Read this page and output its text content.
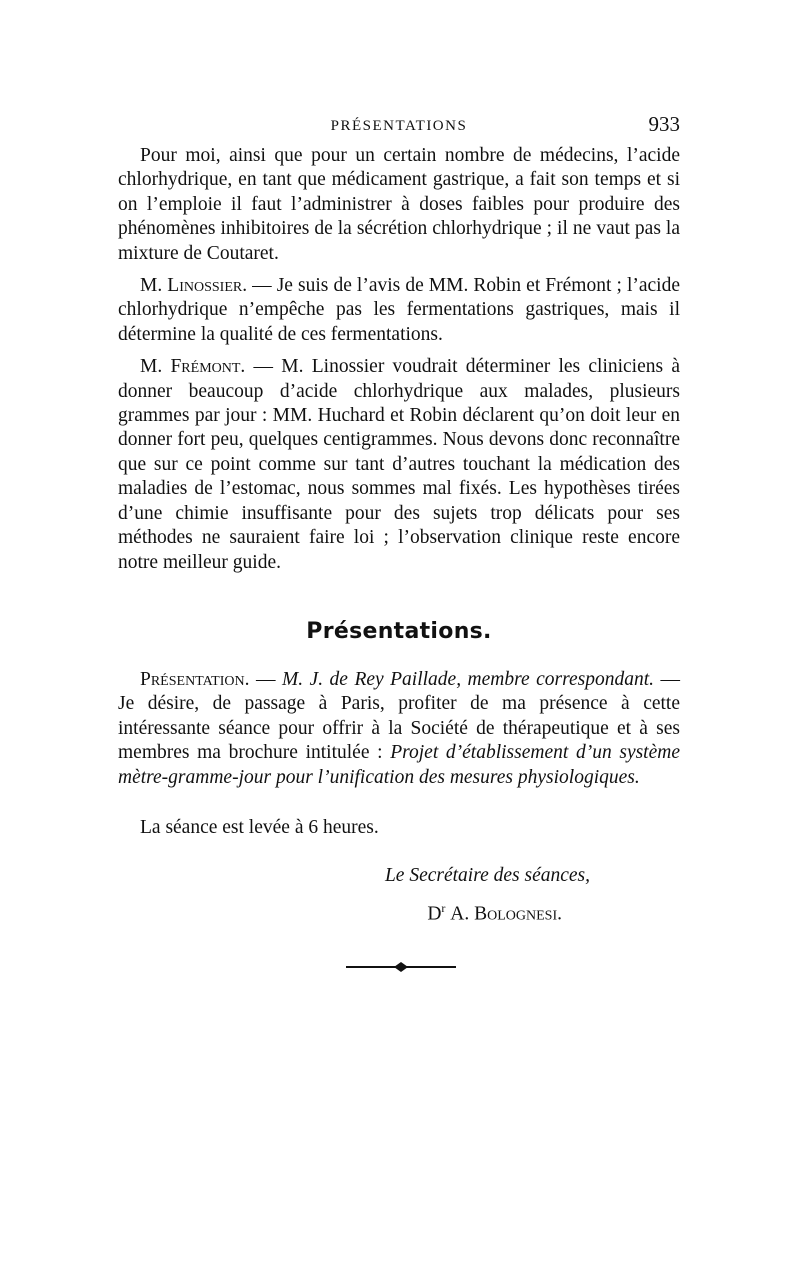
PRÉSENTATIONS	933

Pour moi, ainsi que pour un certain nombre de médecins, l’acide chlorhydrique, en tant que médicament gastrique, a fait son temps et si on l’emploie il faut l’administrer à doses faibles pour produire des phénomènes inhibitoires de la sécrétion chlorhydrique ; il ne vaut pas la mixture de Coutaret.

M. Linossier. — Je suis de l’avis de MM. Robin et Frémont ; l’acide chlorhydrique n’empêche pas les fermentations gastriques, mais il détermine la qualité de ces fermentations.

M. Frémont. — M. Linossier voudrait déterminer les cliniciens à donner beaucoup d’acide chlorhydrique aux malades, plusieurs grammes par jour : MM. Huchard et Robin déclarent qu’on doit leur en donner fort peu, quelques centigrammes. Nous devons donc reconnaître que sur ce point comme sur tant d’autres touchant la médication des maladies de l’estomac, nous sommes mal fixés. Les hypothèses tirées d’une chimie insuffisante pour des sujets trop délicats pour ses méthodes ne sauraient faire loi ; l’observation clinique reste encore notre meilleur guide.

Présentations.

Présentation. — M. J. de Rey Paillade, membre correspondant. — Je désire, de passage à Paris, profiter de ma présence à cette intéressante séance pour offrir à la Société de thérapeutique et à ses membres ma brochure intitulée : Projet d’établissement d’un système mètre-gramme-jour pour l’unification des mesures physiologiques.

La séance est levée à 6 heures.

Le Secrétaire des séances,
$D^r$ A. Bolognesi.
